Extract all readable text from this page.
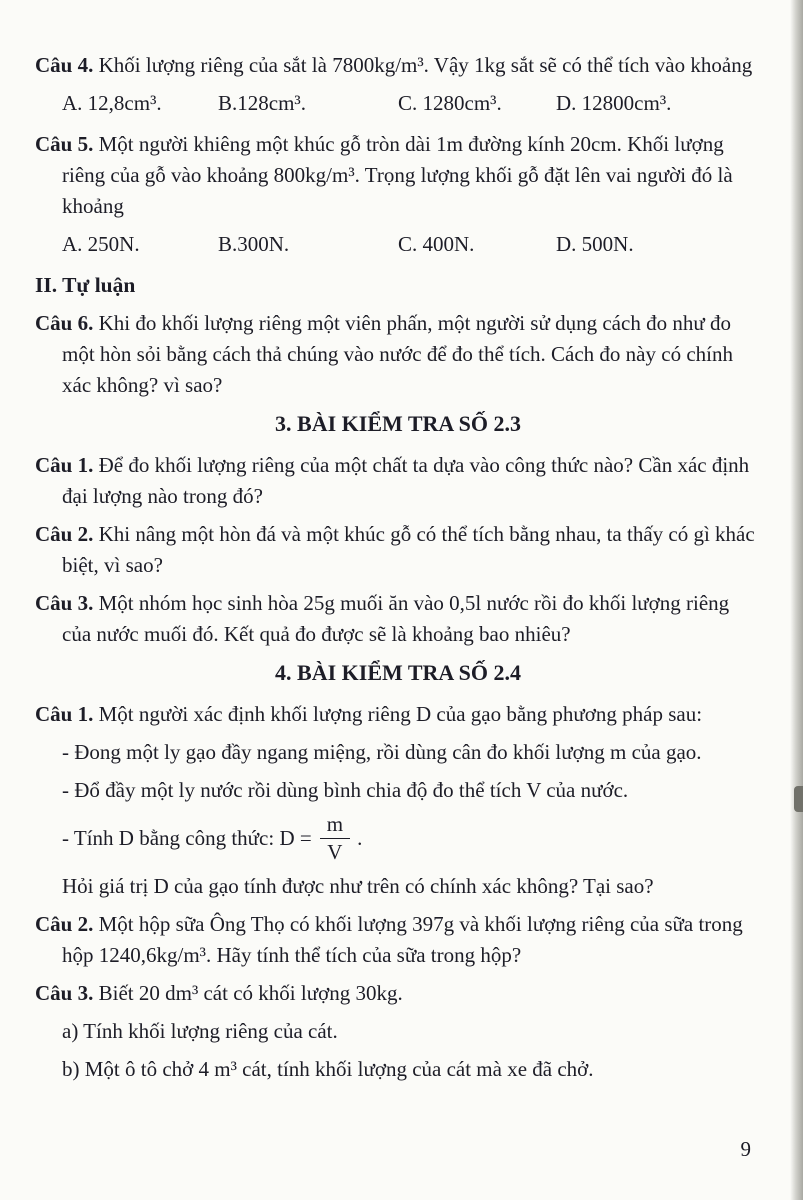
Câu 4. Khối lượng riêng của sắt là 7800kg/m³. Vậy 1kg sắt sẽ có thể tích vào khoảng

A. 12,8cm³.	B.128cm³.	C. 1280cm³.	D. 12800cm³.

Câu 5. Một người khiêng một khúc gỗ tròn dài 1m đường kính 20cm. Khối lượng riêng của gỗ vào khoảng 800kg/m³. Trọng lượng khối gỗ đặt lên vai người đó là khoảng

A. 250N.	B.300N.	C. 400N.	D. 500N.
II. Tự luận

Câu 6. Khi đo khối lượng riêng một viên phấn, một người sử dụng cách đo như đo một hòn sỏi bằng cách thả chúng vào nước để đo thể tích. Cách đo này có chính xác không? vì sao?

3. BÀI KIỂM TRA SỐ 2.3

Câu 1. Để đo khối lượng riêng của một chất ta dựa vào công thức nào? Cần xác định đại lượng nào trong đó?

Câu 2. Khi nâng một hòn đá và một khúc gỗ có thể tích bằng nhau, ta thấy có gì khác biệt, vì sao?

Câu 3. Một nhóm học sinh hòa 25g muối ăn vào 0,5l nước rồi đo khối lượng riêng của nước muối đó. Kết quả đo được sẽ là khoảng bao nhiêu?

4. BÀI KIỂM TRA SỐ 2.4

Câu 1. Một người xác định khối lượng riêng D của gạo bằng phương pháp sau:

- Đong một ly gạo đầy ngang miệng, rồi dùng cân đo khối lượng m của gạo.

- Đổ đầy một ly nước rồi dùng bình chia độ đo thể tích V của nước.

- Tính D bằng công thức: $D = \frac{m}{V}$ .

Hỏi giá trị D của gạo tính được như trên có chính xác không? Tại sao?

Câu 2. Một hộp sữa Ông Thọ có khối lượng 397g và khối lượng riêng của sữa trong hộp 1240,6kg/m³. Hãy tính thể tích của sữa trong hộp?

Câu 3. Biết 20 dm³ cát có khối lượng 30kg.

a) Tính khối lượng riêng của cát.

b) Một ô tô chở 4 m³ cát, tính khối lượng của cát mà xe đã chở.

9
